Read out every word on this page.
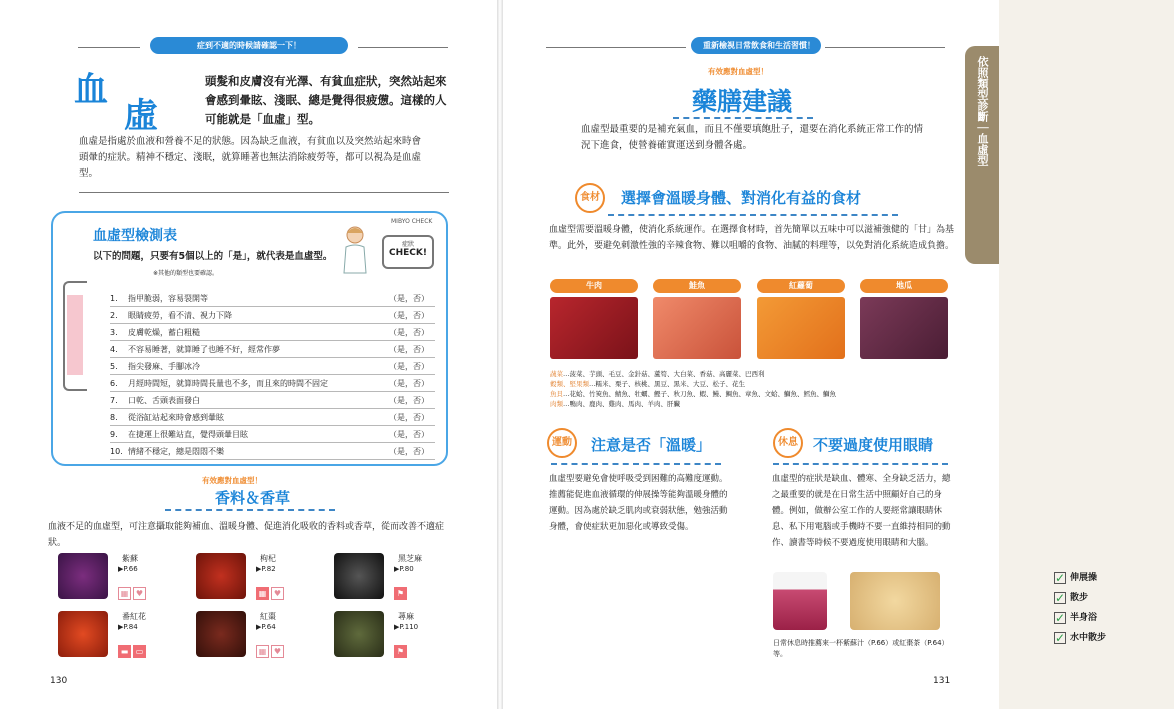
症到不適的時候請確認一下！
血
虛
頭髮和皮膚沒有光澤、有貧血症狀，突然站起來會感到暈眩、淺眠、總是覺得很疲憊。這樣的人可能就是「血虛」型。
血虛是指處於血液和營養不足的狀態。因為缺乏血液，有貧血以及突然站起來時會頭暈的症狀。精神不穩定、淺眠，就算睡著也無法消除疲勞等，都可以視為是血虛型。
血虛型檢測表
以下的問題，只要有5個以上的「是」，就代表是血虛型。
※其他的類型也要確認。
MIBYO CHECK
症狀
CHECK!
1. 指甲脆弱，容易裂開等	（是，否）
2. 眼睛疲勞，看不清、視力下降	（是，否）
3. 皮膚乾燥，蓄白粗糙	（是，否）
4. 不容易睡著，就算睡了也睡不好，經常作夢	（是，否）
5. 指尖發麻、手腳冰冷	（是，否）
6. 月經時間短，就算時間長量也不多，而且來的時間不固定	（是，否）
7. 口乾、舌頭表面發白	（是，否）
8. 從浴缸站起來時會感到暈眩	（是，否）
9. 在捷運上很難站直，覺得頭暈目眩	（是，否）
10. 情緒不穩定，總是悶悶不樂	（是，否）
有效應對血虛型！
香料＆香草
血液不足的血虛型，可注意攝取能夠補血、溫暖身體、促進消化吸收的香料或香草，從而改善不適症狀。
紫蘇
▶P.66
▦ ♥
枸杞
▶P.82
▦ ♥
黑芝麻
▶P.80
⚑
番紅花
▶P.84
▬ ▭
紅棗
▶P.64
▦ ♥
蕁麻
▶P.110
⚑
130
重新檢視日常飲食和生活習慣！
有效應對血虛型！
藥膳建議
血虛型最重要的是補充氣血，而且不僅要填飽肚子，還要在消化系統正常工作的情況下進食，使營養確實運送到身體各處。
食材	選擇會溫暖身體、對消化有益的食材
血虛型需要溫暖身體，使消化系統運作。在選擇食材時，首先簡單以五味中可以滋補強健的「甘」為基準。此外，要避免刺激性強的辛辣食物、難以咀嚼的食物、油膩的料理等，以免對消化系統造成負擔。
牛肉	鮭魚	紅蘿蔔	地瓜
蔬菜…菠菜、芋頭、毛豆、金針菇、蘆筍、大白菜、香菇、高麗菜、巴西利
穀類、堅果類…糯米、栗子、核桃、黑豆、黑米、大豆、松子、花生
魚貝…花蛤、竹筴魚、鯖魚、牡蠣、鰹子、秋刀魚、蝦、鰻、鯛魚、章魚、文蛤、鰤魚、鱈魚、鰤魚
肉類…鴨肉、鹿肉、雞肉、馬肉、羊肉、肝臟
運動	注意是否「溫暖」
血虛型要避免會使呼吸受到困難的高難度運動。推薦能促進血液循環的伸展操等能夠溫暖身體的運動。因為處於缺乏肌肉或衰弱狀態，勉強活動身體，會使症狀更加惡化或導致受傷。
✓ 伸展操
✓ 散步
✓ 半身浴
✓ 水中散步
休息	不要過度使用眼睛
血虛型的症狀是缺血、體寒、全身缺乏活力，總之最重要的就是在日常生活中照顧好自己的身體。例如，做辦公室工作的人要經常讓眼睛休息、私下用電腦或手機時不要一直維持相同的動作、讀書等時候不要過度使用眼睛和大腦。
日常休息時推薦來一杯紫蘇汁（P.66）或紅棗茶（P.64）等。
依照類型診斷｜血虛型
131
